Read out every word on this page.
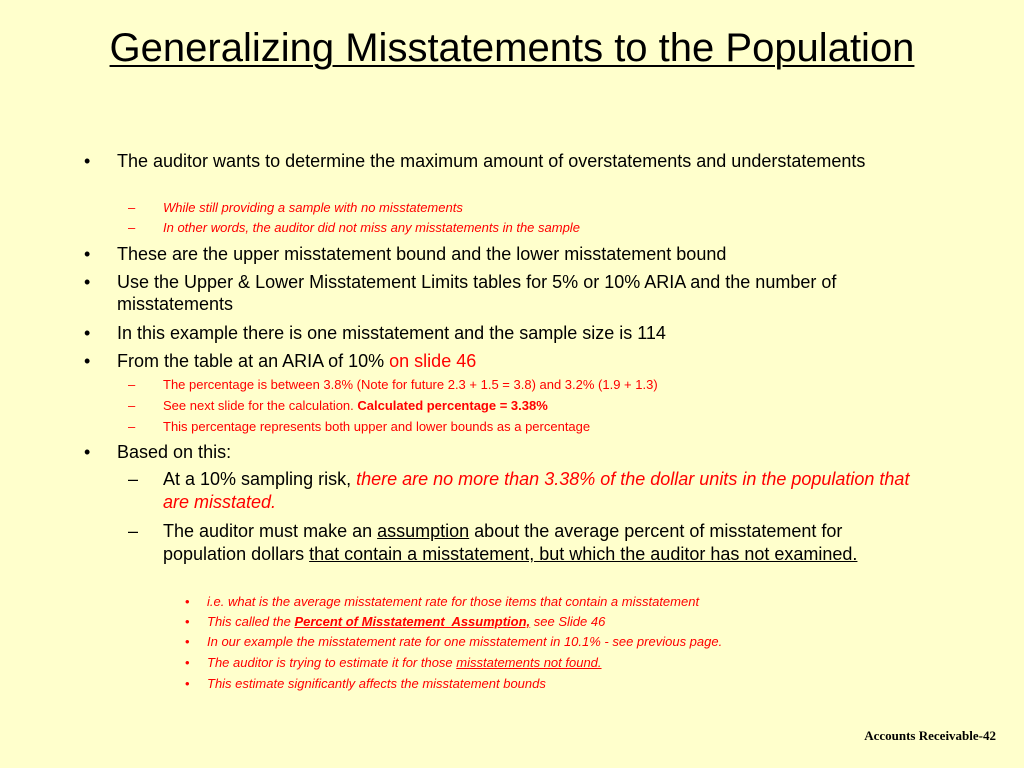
Generalizing Misstatements to the Population
• The auditor wants to determine the maximum amount of overstatements and understatements
– While still providing a sample with no misstatements
– In other words, the auditor did not miss any misstatements in the sample
• These are the upper misstatement bound and the lower misstatement bound
• Use the Upper & Lower Misstatement Limits tables for 5% or 10% ARIA and the number of misstatements
• In this example there is one misstatement and the sample size is 114
• From the table at an ARIA of 10% on slide 46
– The percentage is between 3.8% (Note for future 2.3 + 1.5 = 3.8) and 3.2% (1.9 + 1.3)
– See next slide for the calculation. Calculated percentage = 3.38%
– This percentage represents both upper and lower bounds as a percentage
• Based on this:
– At a 10% sampling risk, there are no more than 3.38% of the dollar units in the population that are misstated.
– The auditor must make an assumption about the average percent of misstatement for population dollars that contain a misstatement, but which the auditor has not examined.
• i.e. what is the average misstatement rate for those items that contain a misstatement
• This called the Percent of Misstatement  Assumption, see Slide 46
• In our example the misstatement rate for one misstatement in 10.1% - see previous page.
• The auditor is trying to estimate it for those misstatements not found.
• This estimate significantly affects the misstatement bounds
Accounts Receivable-42
